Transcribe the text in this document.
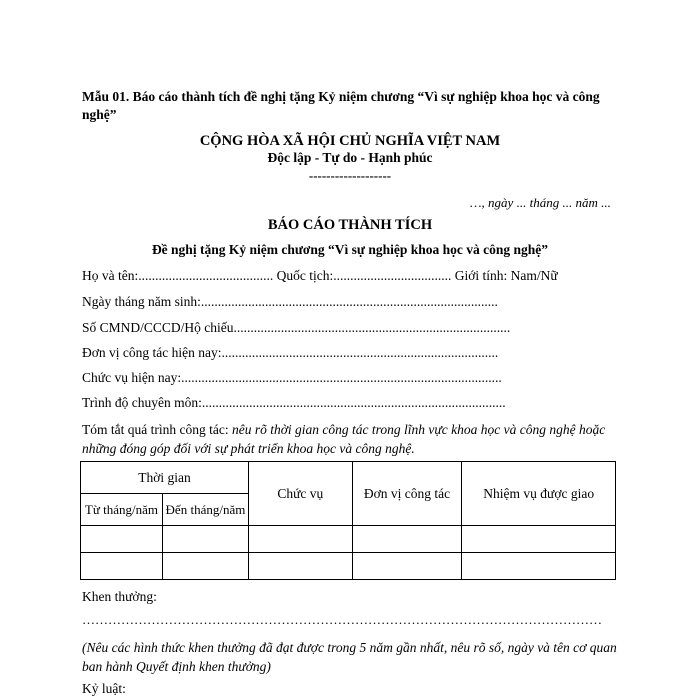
Mẫu 01. Báo cáo thành tích đề nghị tặng Kỷ niệm chương “Vì sự nghiệp khoa học và công nghệ”
CỘNG HÒA XÃ HỘI CHỦ NGHĨA VIỆT NAM
Độc lập - Tự do - Hạnh phúc
-------------------
…, ngày ... tháng ... năm ...
BÁO CÁO THÀNH TÍCH
Đề nghị tặng Kỷ niệm chương “Vì sự nghiệp khoa học và công nghệ”
Họ và tên:........................................ Quốc tịch:................................... Giới tính: Nam/Nữ
Ngày tháng năm sinh:........................................................................................
Số CMND/CCCD/Hộ chiếu..................................................................................
Đơn vị công tác hiện nay:..................................................................................
Chức vụ hiện nay:...............................................................................................
Trình độ chuyên môn:..........................................................................................
Tóm tắt quá trình công tác: nêu rõ thời gian công tác trong lĩnh vực khoa học và công nghệ hoặc những đóng góp đối với sự phát triển khoa học và công nghệ.
Thời gian		Chức vụ	Đơn vị công tác	Nhiệm vụ được giao
Từ tháng/năm	Đến tháng/năm			

Khen thưởng:
…………………………………………………………………………………………………………
(Nêu các hình thức khen thưởng đã đạt được trong 5 năm gần nhất, nêu rõ số, ngày và tên cơ quan ban hành Quyết định khen thưởng)
Kỷ luật:
